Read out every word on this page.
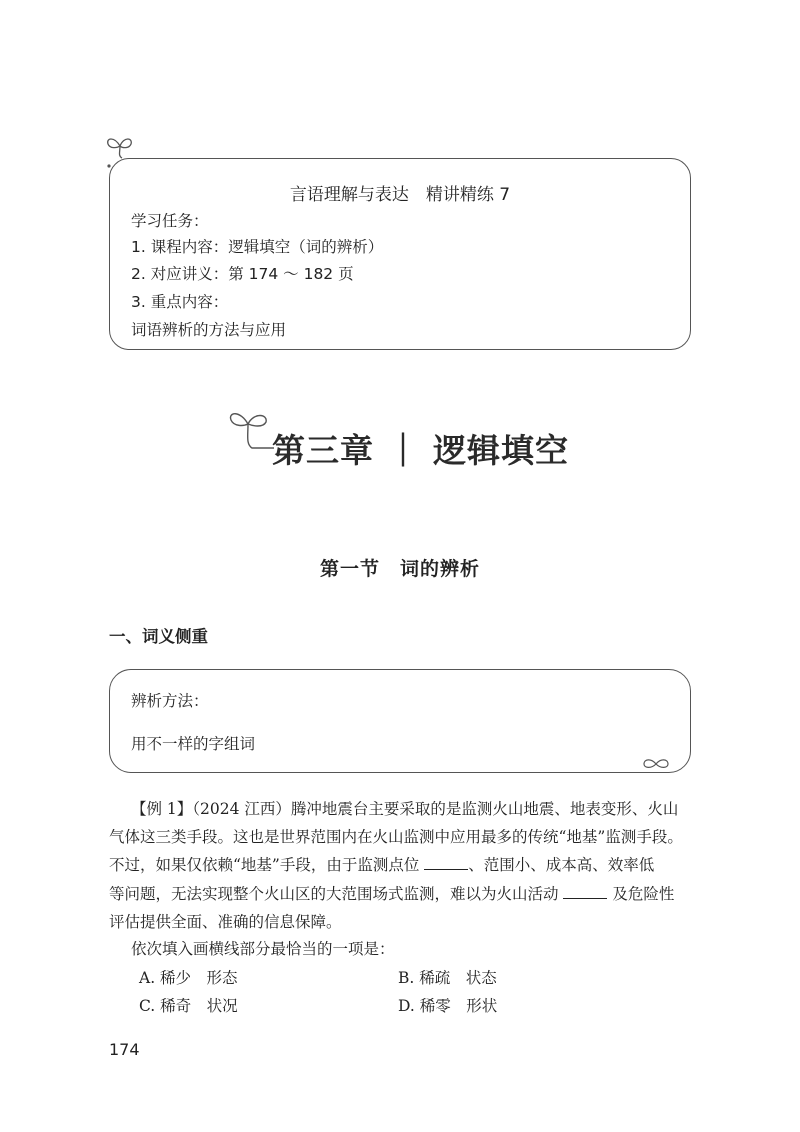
言语理解与表达　精讲精练 7
学习任务：
1. 课程内容：逻辑填空（词的辨析）
2. 对应讲义：第 174 ～ 182 页
3. 重点内容：
词语辨析的方法与应用
第三章 ｜ 逻辑填空
第一节　词的辨析
一、词义侧重
辨析方法：
用不一样的字组词
【例 1】（2024 江西）腾冲地震台主要采取的是监测火山地震、地表变形、火山
气体这三类手段。这也是世界范围内在火山监测中应用最多的传统“地基”监测手段。
不过，如果仅依赖“地基”手段，由于监测点位	、范围小、成本高、效率低
等问题，无法实现整个火山区的大范围场式监测，难以为火山活动	及危险性
评估提供全面、准确的信息保障。
依次填入画横线部分最恰当的一项是：
A. 稀少　形态	B. 稀疏　状态
C. 稀奇　状况	D. 稀零　形状
174
